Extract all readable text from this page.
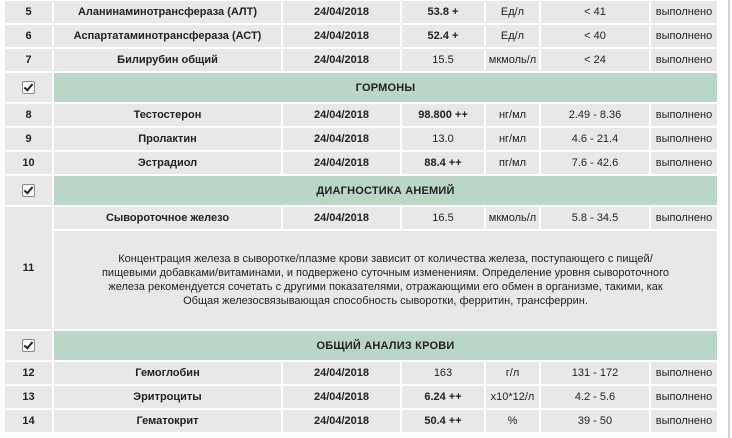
5	Аланинаминотрансфераза (АЛТ)	24/04/2018	53.8 +	Ед/л	< 41	выполнено
6	Аспартатаминотрансфераза (АСТ)	24/04/2018	52.4 +	Ед/л	< 40	выполнено
7	Билирубин общий	24/04/2018	15.5	мкмоль/л	< 24	выполнено
	ГОРМОНЫ					
8	Тестостерон	24/04/2018	98.800 ++	нг/мл	2.49 - 8.36	выполнено
9	Пролактин	24/04/2018	13.0	нг/мл	4.6 - 21.4	выполнено
10	Эстрадиол	24/04/2018	88.4 ++	пг/мл	7.6 - 42.6	выполнено
	ДИАГНОСТИКА АНЕМИЙ					
11	Сывороточное железо	24/04/2018	16.5	мкмоль/л	5.8 - 34.5	выполнено
	Концентрация железа в сыворотке/плазме крови зависит от количества железа, поступающего с пищей/пищевыми добавками/витаминами, и подвержено суточным изменениям. Определение уровня сывороточного железа рекомендуется сочетать с другими показателями, отражающими его обмен в организме, такими, как Общая железосвязывающая способность сыворотки, ферритин, трансферрин.					
	ОБЩИЙ АНАЛИЗ КРОВИ					
12	Гемоглобин	24/04/2018	163	г/л	131 - 172	выполнено
13	Эритроциты	24/04/2018	6.24 ++	x10*12/л	4.2 - 5.6	выполнено
14	Гематокрит	24/04/2018	50.4 ++	%	39 - 50	выполнено
